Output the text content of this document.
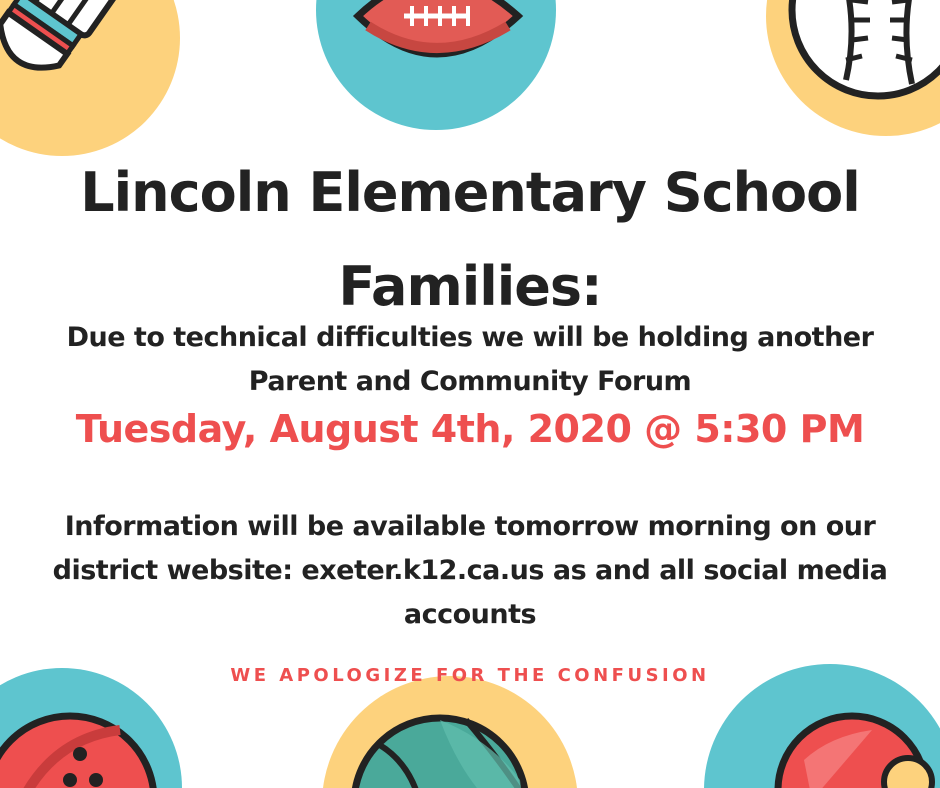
Lincoln Elementary School
Families:

Due to technical difficulties we will be holding another
Parent and Community Forum

Tuesday, August 4th, 2020 @ 5:30 PM

Information will be available tomorrow morning on our
district website: exeter.k12.ca.us as and all social media
accounts

WE APOLOGIZE FOR THE CONFUSION
